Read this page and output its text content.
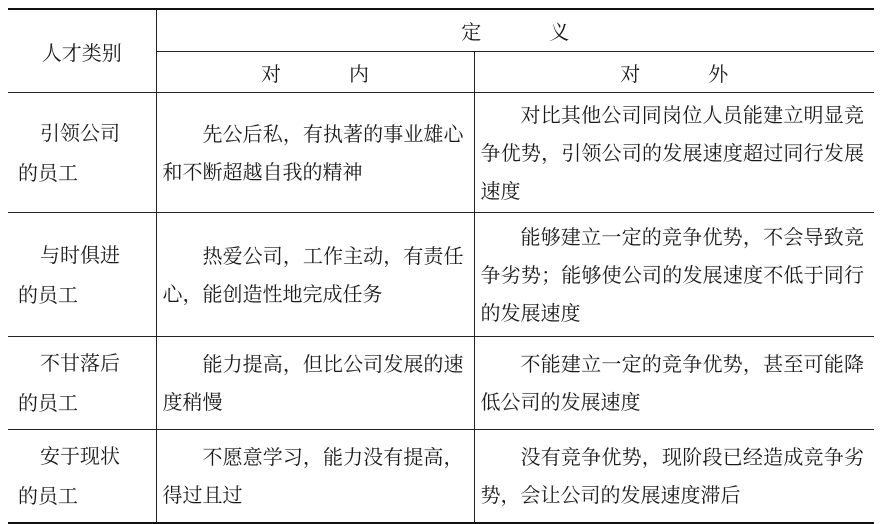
人才类别	定 义	
	对 内	对 外

引领公司
的员工	先公后私，有执著的事业雄心和不断超越自我的精神	对比其他公司同岗位人员能建立明显竞争优势，引领公司的发展速度超过同行发展速度

与时俱进
的员工	热爱公司，工作主动，有责任心，能创造性地完成任务	能够建立一定的竞争优势，不会导致竞争劣势；能够使公司的发展速度不低于同行的发展速度

不甘落后
的员工	能力提高，但比公司发展的速度稍慢	不能建立一定的竞争优势，甚至可能降低公司的发展速度

安于现状
的员工	不愿意学习，能力没有提高，得过且过	没有竞争优势，现阶段已经造成竞争劣势，会让公司的发展速度滞后
